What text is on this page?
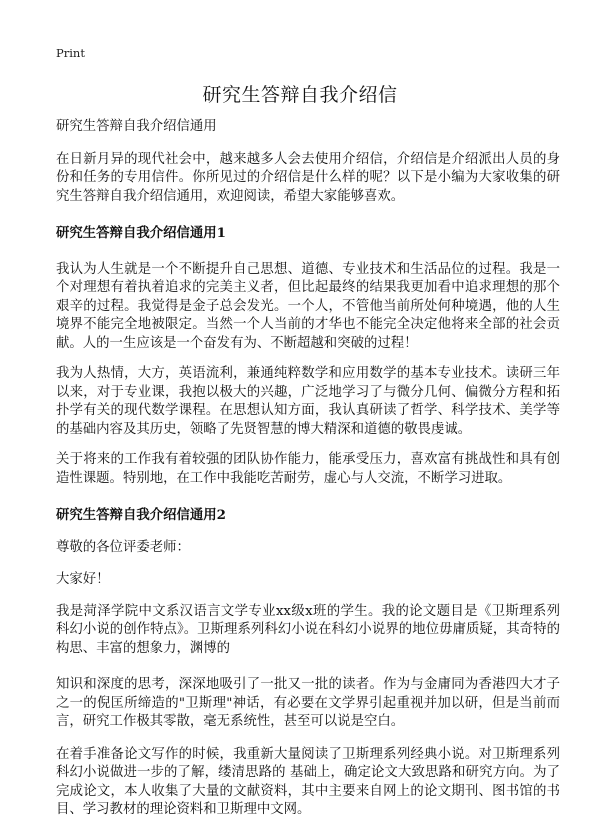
Print
研究生答辩自我介绍信

研究生答辩自我介绍信通用

在日新月异的现代社会中，越来越多人会去使用介绍信，介绍信是介绍派出人员的身份和任务的专用信件。你所见过的介绍信是什么样的呢？以下是小编为大家收集的研究生答辩自我介绍信通用，欢迎阅读，希望大家能够喜欢。

研究生答辩自我介绍信通用1

我认为人生就是一个不断提升自己思想、道德、专业技术和生活品位的过程。我是一个对理想有着执着追求的完美主义者，但比起最终的结果我更加看中追求理想的那个艰辛的过程。我觉得是金子总会发光。一个人，不管他当前所处何种境遇，他的人生境界不能完全地被限定。当然一个人当前的才华也不能完全决定他将来全部的社会贡献。人的一生应该是一个奋发有为、不断超越和突破的过程！

我为人热情，大方，英语流利，兼通纯粹数学和应用数学的基本专业技术。读研三年以来，对于专业课，我抱以极大的兴趣，广泛地学习了与微分几何、偏微分方程和拓扑学有关的现代数学课程。在思想认知方面，我认真研读了哲学、科学技术、美学等的基础内容及其历史，领略了先贤智慧的博大精深和道德的敬畏虔诚。

关于将来的工作我有着较强的团队协作能力，能承受压力，喜欢富有挑战性和具有创造性课题。特别地，在工作中我能吃苦耐劳，虚心与人交流，不断学习进取。

研究生答辩自我介绍信通用2

尊敬的各位评委老师：

大家好！

我是菏泽学院中文系汉语言文学专业xx级x班的学生。我的论文题目是《卫斯理系列科幻小说的创作特点》。卫斯理系列科幻小说在科幻小说界的地位毋庸质疑，其奇特的构思、丰富的想象力，渊博的

知识和深度的思考，深深地吸引了一批又一批的读者。作为与金庸同为香港四大才子之一的倪匡所缔造的"卫斯理"神话，有必要在文学界引起重视并加以研，但是当前而言，研究工作极其零散，毫无系统性，甚至可以说是空白。

在着手准备论文写作的时候，我重新大量阅读了卫斯理系列经典小说。对卫斯理系列科幻小说做进一步的了解，缕清思路的 基础上，确定论文大致思路和研究方向。为了完成论文，本人收集了大量的文献资料，其中主要来自网上的论文期刊、图书馆的书目、学习教材的理论资料和卫斯理中文网。
